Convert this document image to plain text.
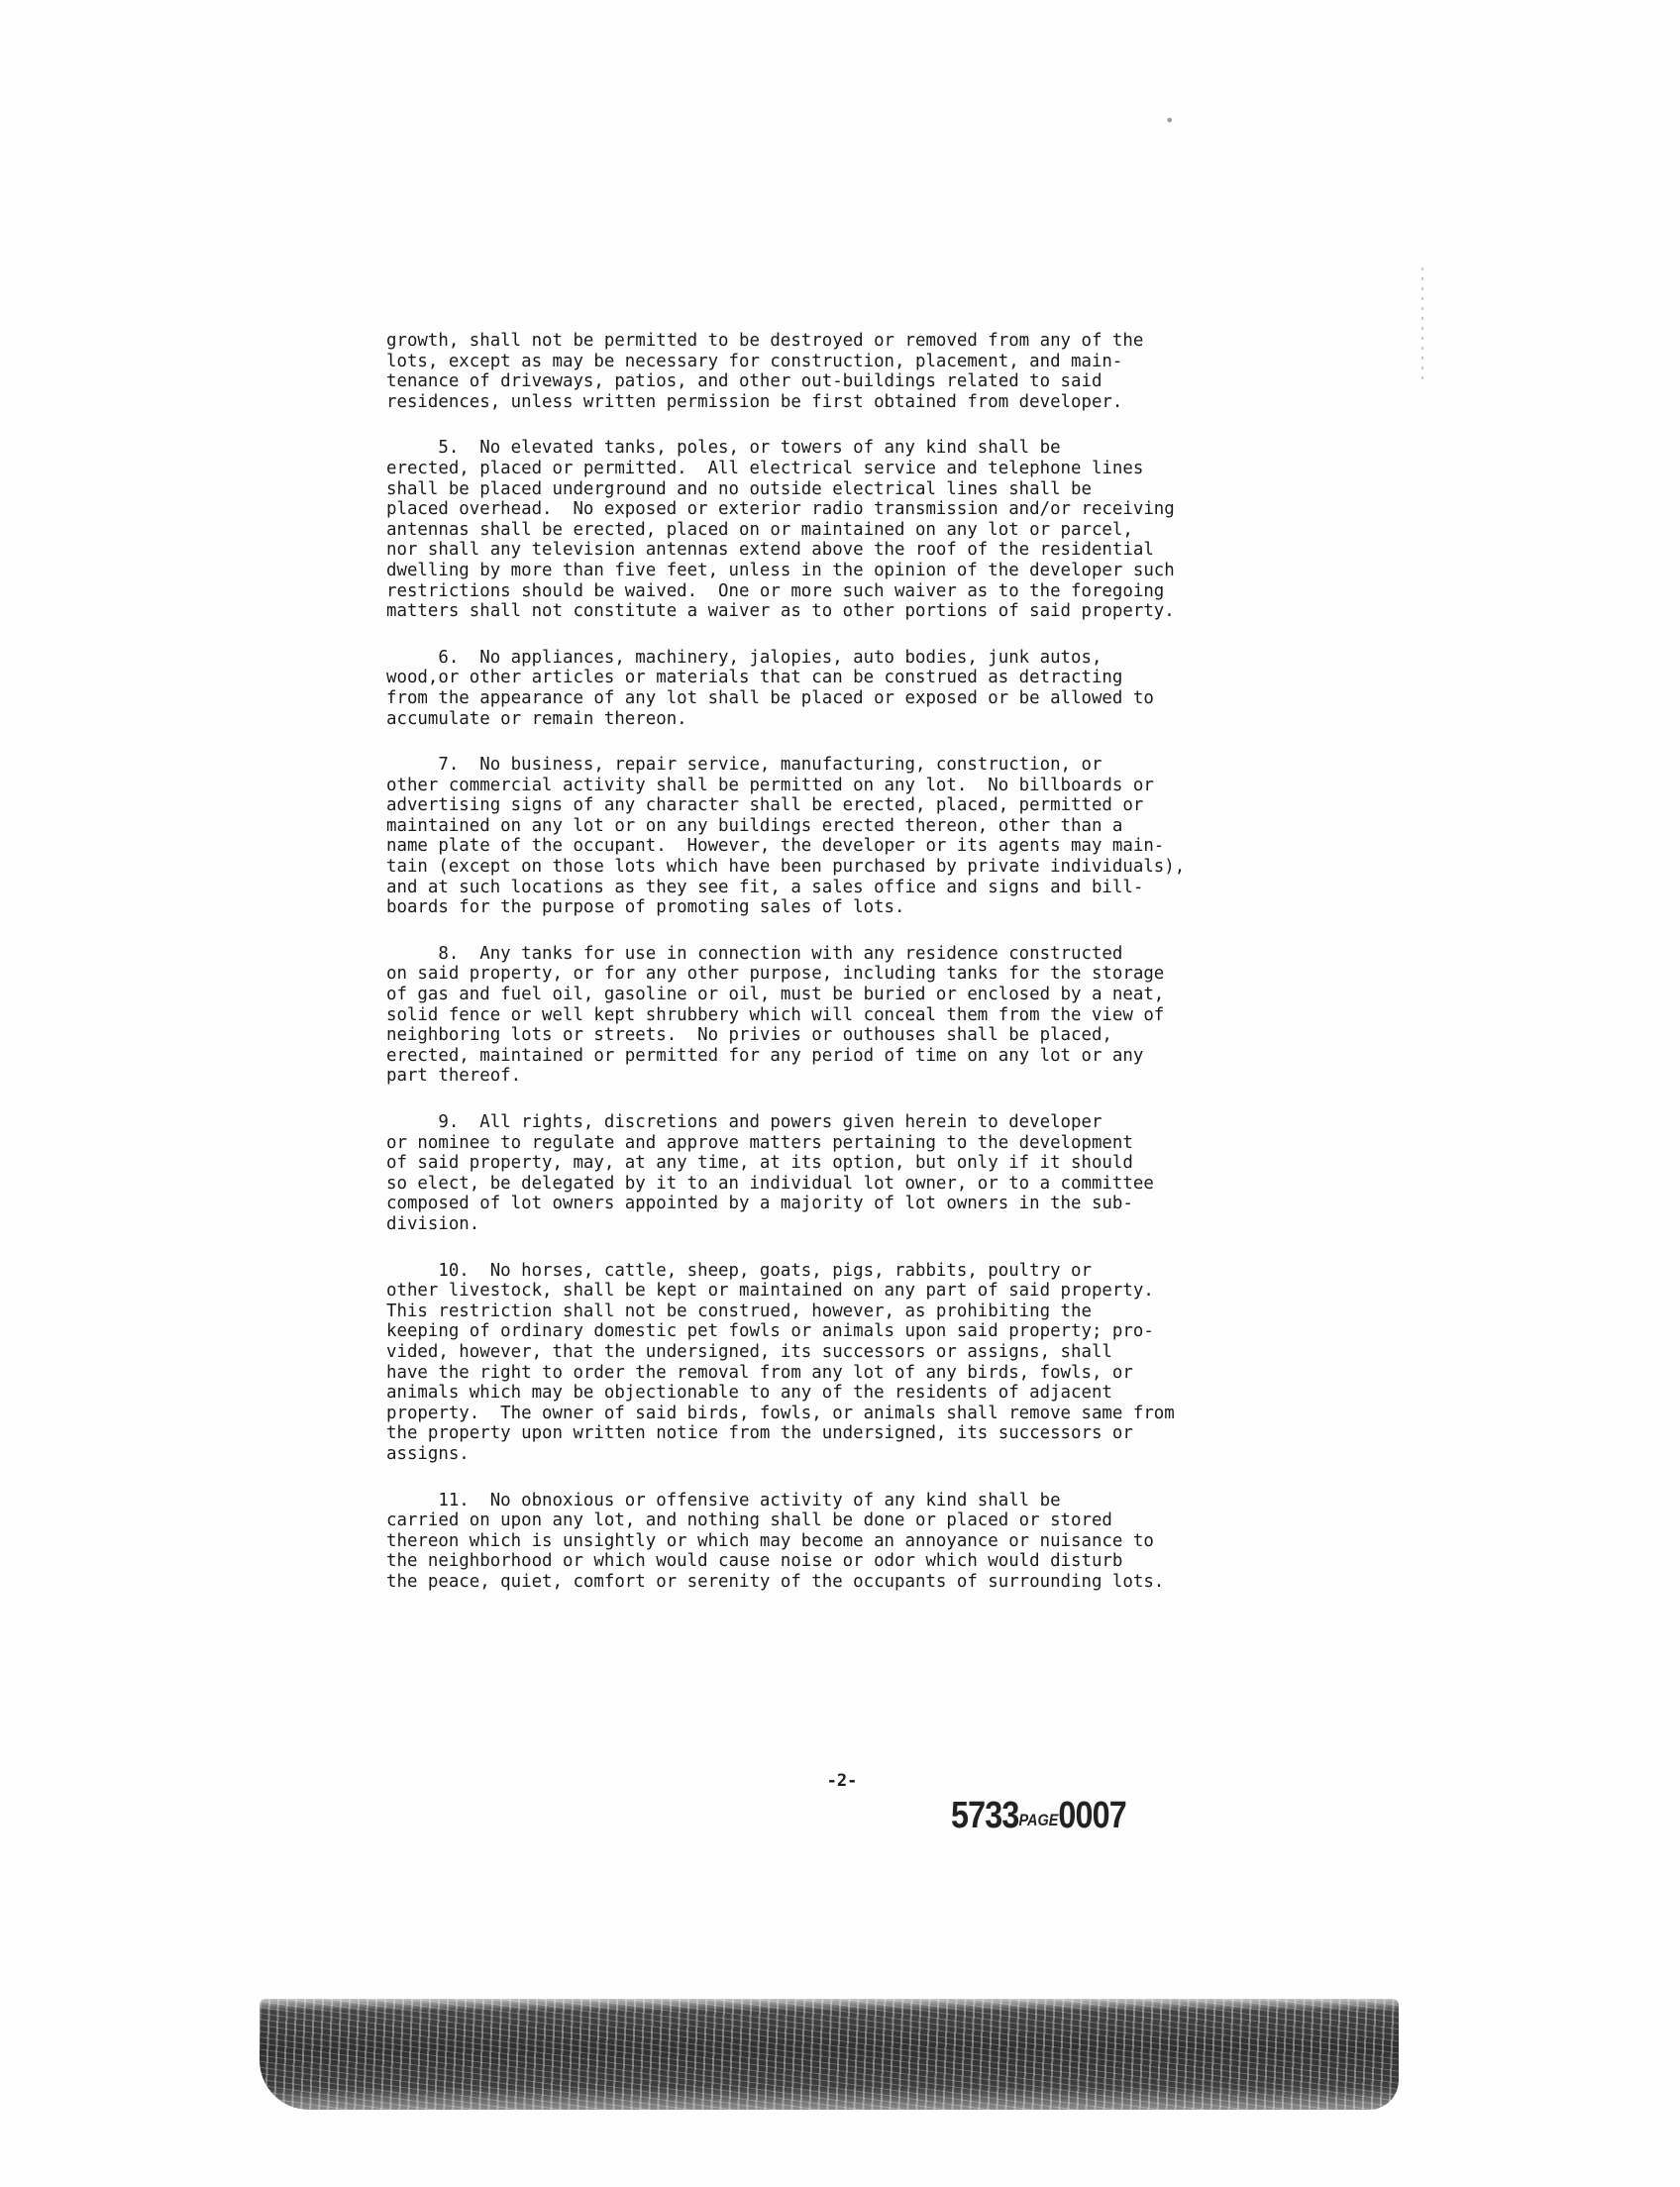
•
growth, shall not be permitted to be destroyed or removed from any of the
lots, except as may be necessary for construction, placement, and main-
tenance of driveways, patios, and other out-buildings related to said
residences, unless written permission be first obtained from developer.
5.  No elevated tanks, poles, or towers of any kind shall be
erected, placed or permitted.  All electrical service and telephone lines
shall be placed underground and no outside electrical lines shall be
placed overhead.  No exposed or exterior radio transmission and/or receiving
antennas shall be erected, placed on or maintained on any lot or parcel,
nor shall any television antennas extend above the roof of the residential
dwelling by more than five feet, unless in the opinion of the developer such
restrictions should be waived.  One or more such waiver as to the foregoing
matters shall not constitute a waiver as to other portions of said property.
6.  No appliances, machinery, jalopies, auto bodies, junk autos,
wood,or other articles or materials that can be construed as detracting
from the appearance of any lot shall be placed or exposed or be allowed to
accumulate or remain thereon.
7.  No business, repair service, manufacturing, construction, or
other commercial activity shall be permitted on any lot.  No billboards or
advertising signs of any character shall be erected, placed, permitted or
maintained on any lot or on any buildings erected thereon, other than a
name plate of the occupant.  However, the developer or its agents may main-
tain (except on those lots which have been purchased by private individuals),
and at such locations as they see fit, a sales office and signs and bill-
boards for the purpose of promoting sales of lots.
8.  Any tanks for use in connection with any residence constructed
on said property, or for any other purpose, including tanks for the storage
of gas and fuel oil, gasoline or oil, must be buried or enclosed by a neat,
solid fence or well kept shrubbery which will conceal them from the view of
neighboring lots or streets.  No privies or outhouses shall be placed,
erected, maintained or permitted for any period of time on any lot or any
part thereof.
9.  All rights, discretions and powers given herein to developer
or nominee to regulate and approve matters pertaining to the development
of said property, may, at any time, at its option, but only if it should
so elect, be delegated by it to an individual lot owner, or to a committee
composed of lot owners appointed by a majority of lot owners in the sub-
division.
10.  No horses, cattle, sheep, goats, pigs, rabbits, poultry or
other livestock, shall be kept or maintained on any part of said property.
This restriction shall not be construed, however, as prohibiting the
keeping of ordinary domestic pet fowls or animals upon said property; pro-
vided, however, that the undersigned, its successors or assigns, shall
have the right to order the removal from any lot of any birds, fowls, or
animals which may be objectionable to any of the residents of adjacent
property.  The owner of said birds, fowls, or animals shall remove same from
the property upon written notice from the undersigned, its successors or
assigns.
11.  No obnoxious or offensive activity of any kind shall be
carried on upon any lot, and nothing shall be done or placed or stored
thereon which is unsightly or which may become an annoyance or nuisance to
the neighborhood or which would cause noise or odor which would disturb
the peace, quiet, comfort or serenity of the occupants of surrounding lots.
-2-
5733PAGE0007
